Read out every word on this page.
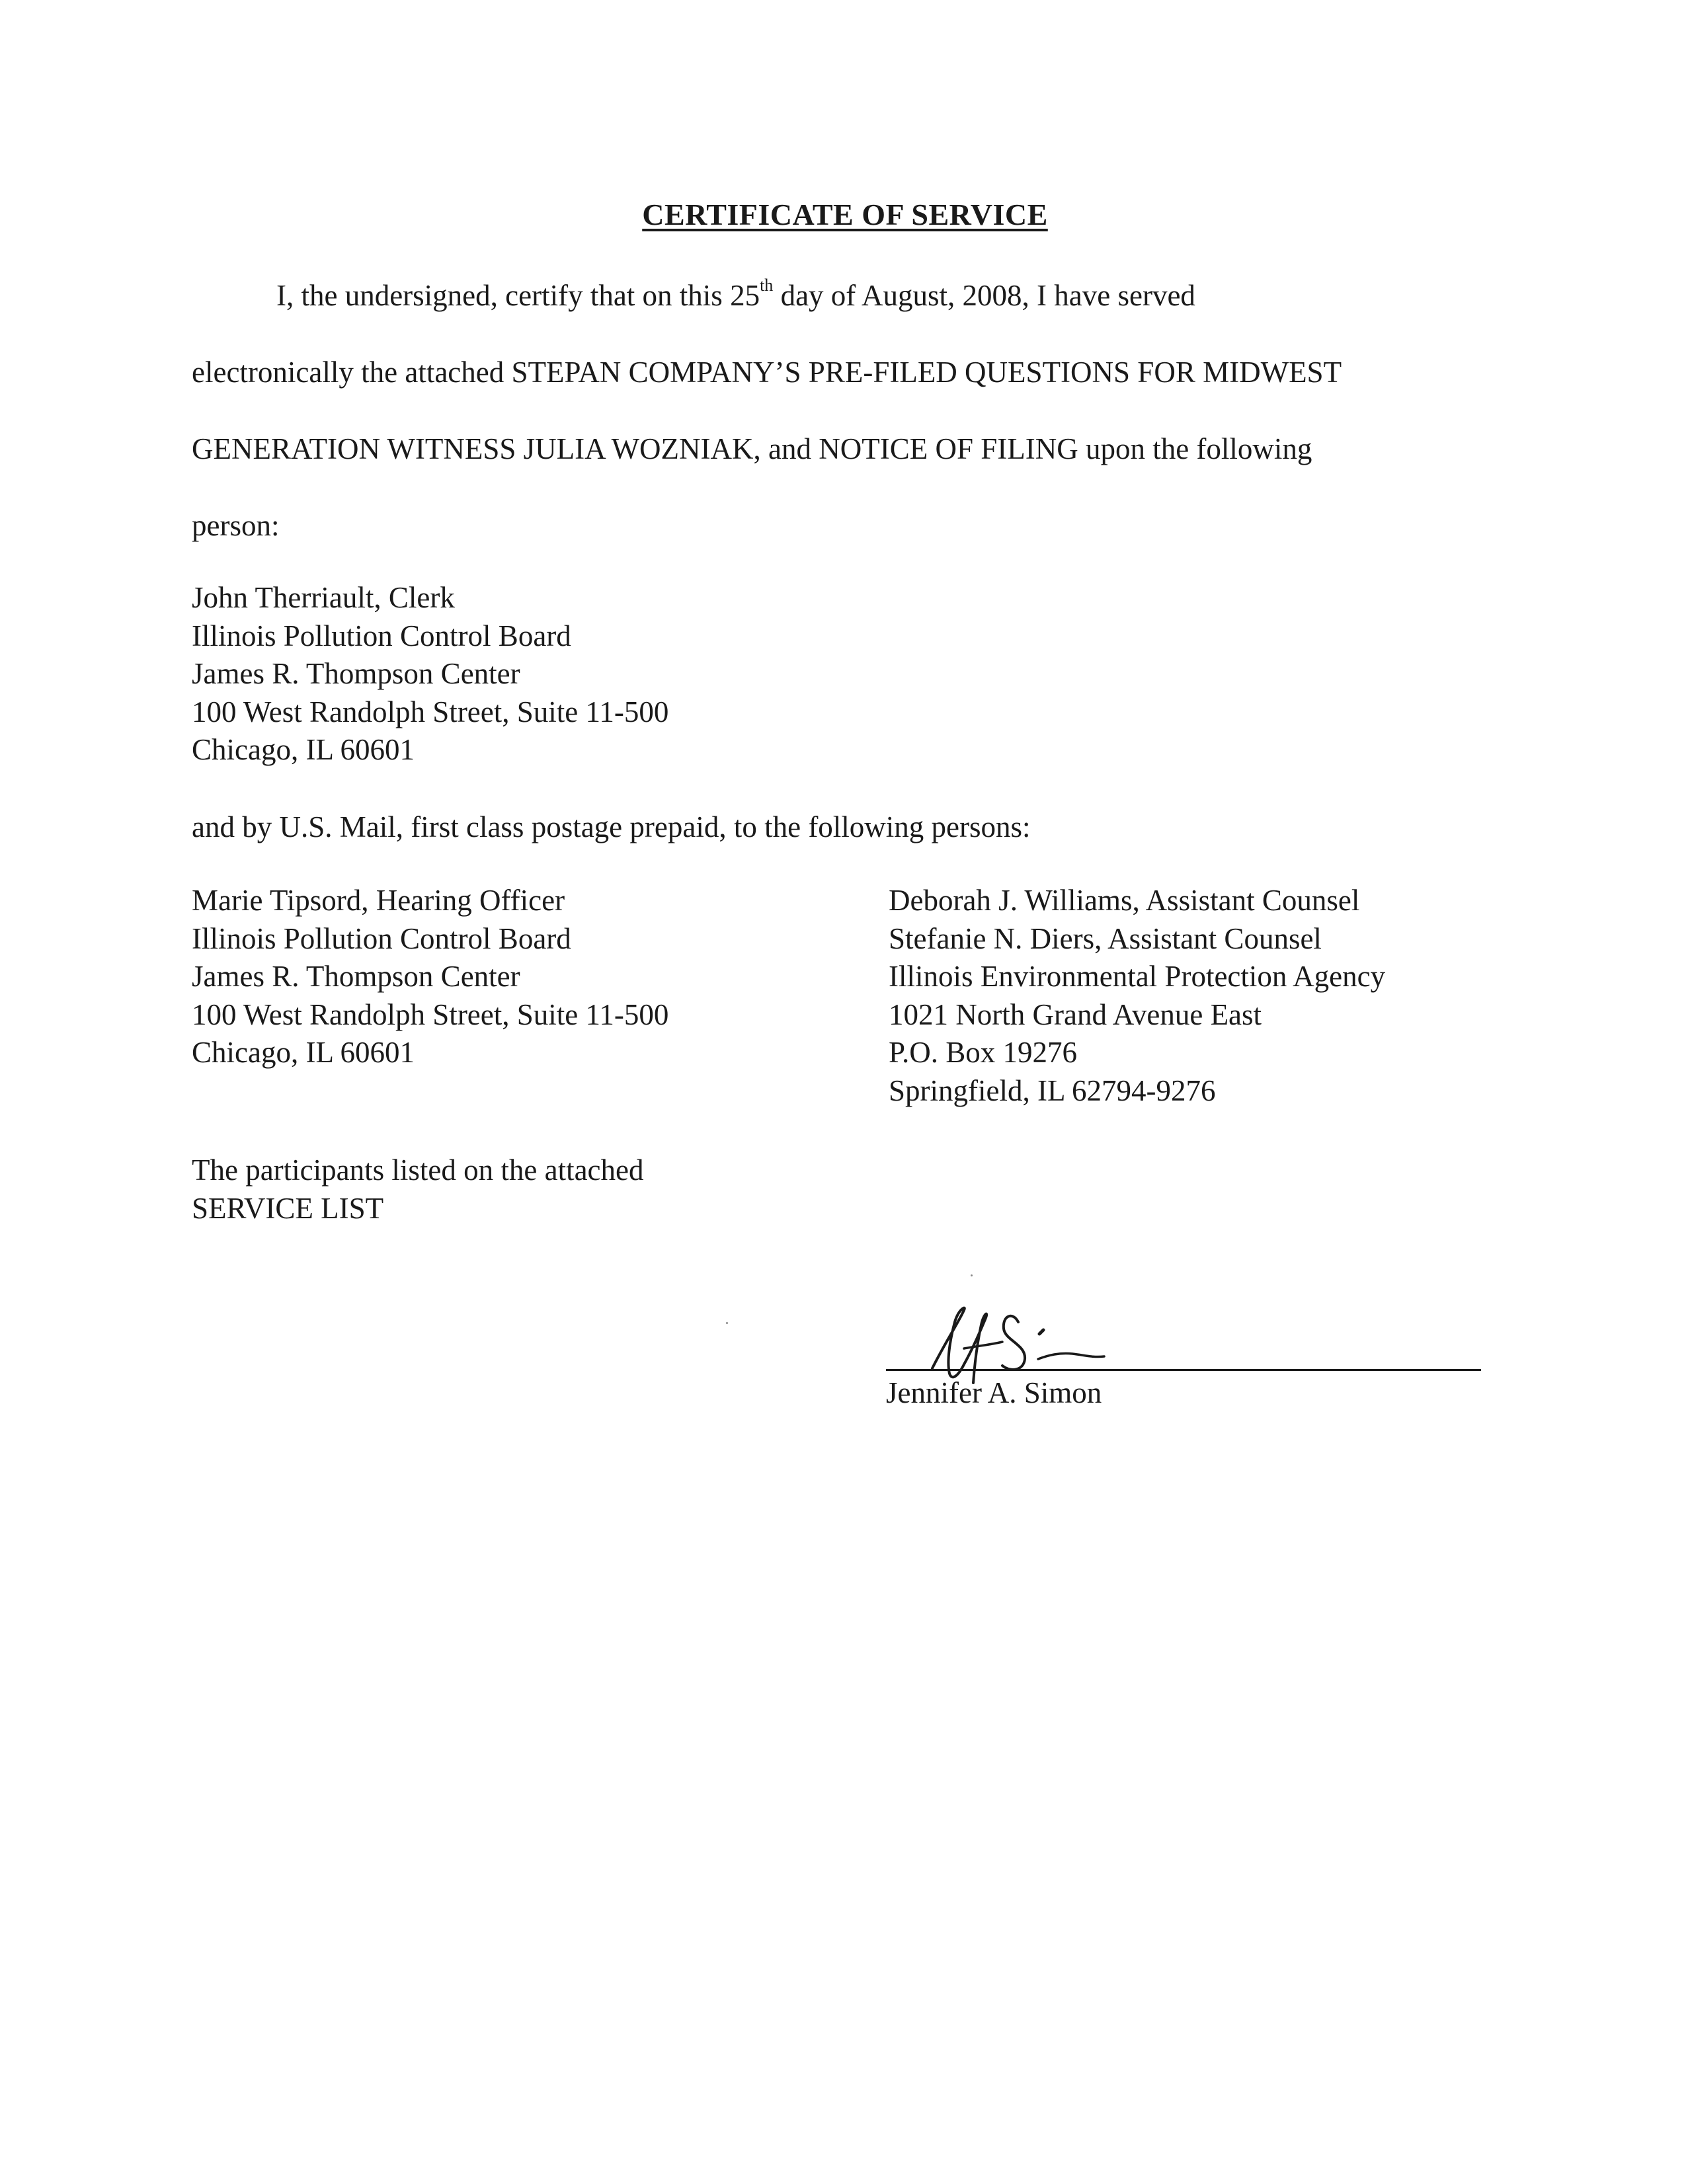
CERTIFICATE OF SERVICE
I, the undersigned, certify that on this 25th day of August, 2008, I have served
electronically the attached STEPAN COMPANY’S PRE-FILED QUESTIONS FOR MIDWEST
GENERATION WITNESS JULIA WOZNIAK, and NOTICE OF FILING upon the following
person:
John Therriault, Clerk
Illinois Pollution Control Board
James R. Thompson Center
100 West Randolph Street, Suite 11-500
Chicago, IL 60601
and by U.S. Mail, first class postage prepaid, to the following persons:
Marie Tipsord, Hearing Officer
Illinois Pollution Control Board
James R. Thompson Center
100 West Randolph Street, Suite 11-500
Chicago, IL 60601
Deborah J. Williams, Assistant Counsel
Stefanie N. Diers, Assistant Counsel
Illinois Environmental Protection Agency
1021 North Grand Avenue East
P.O. Box 19276
Springfield, IL 62794-9276
The participants listed on the attached
SERVICE LIST
Jennifer A. Simon
